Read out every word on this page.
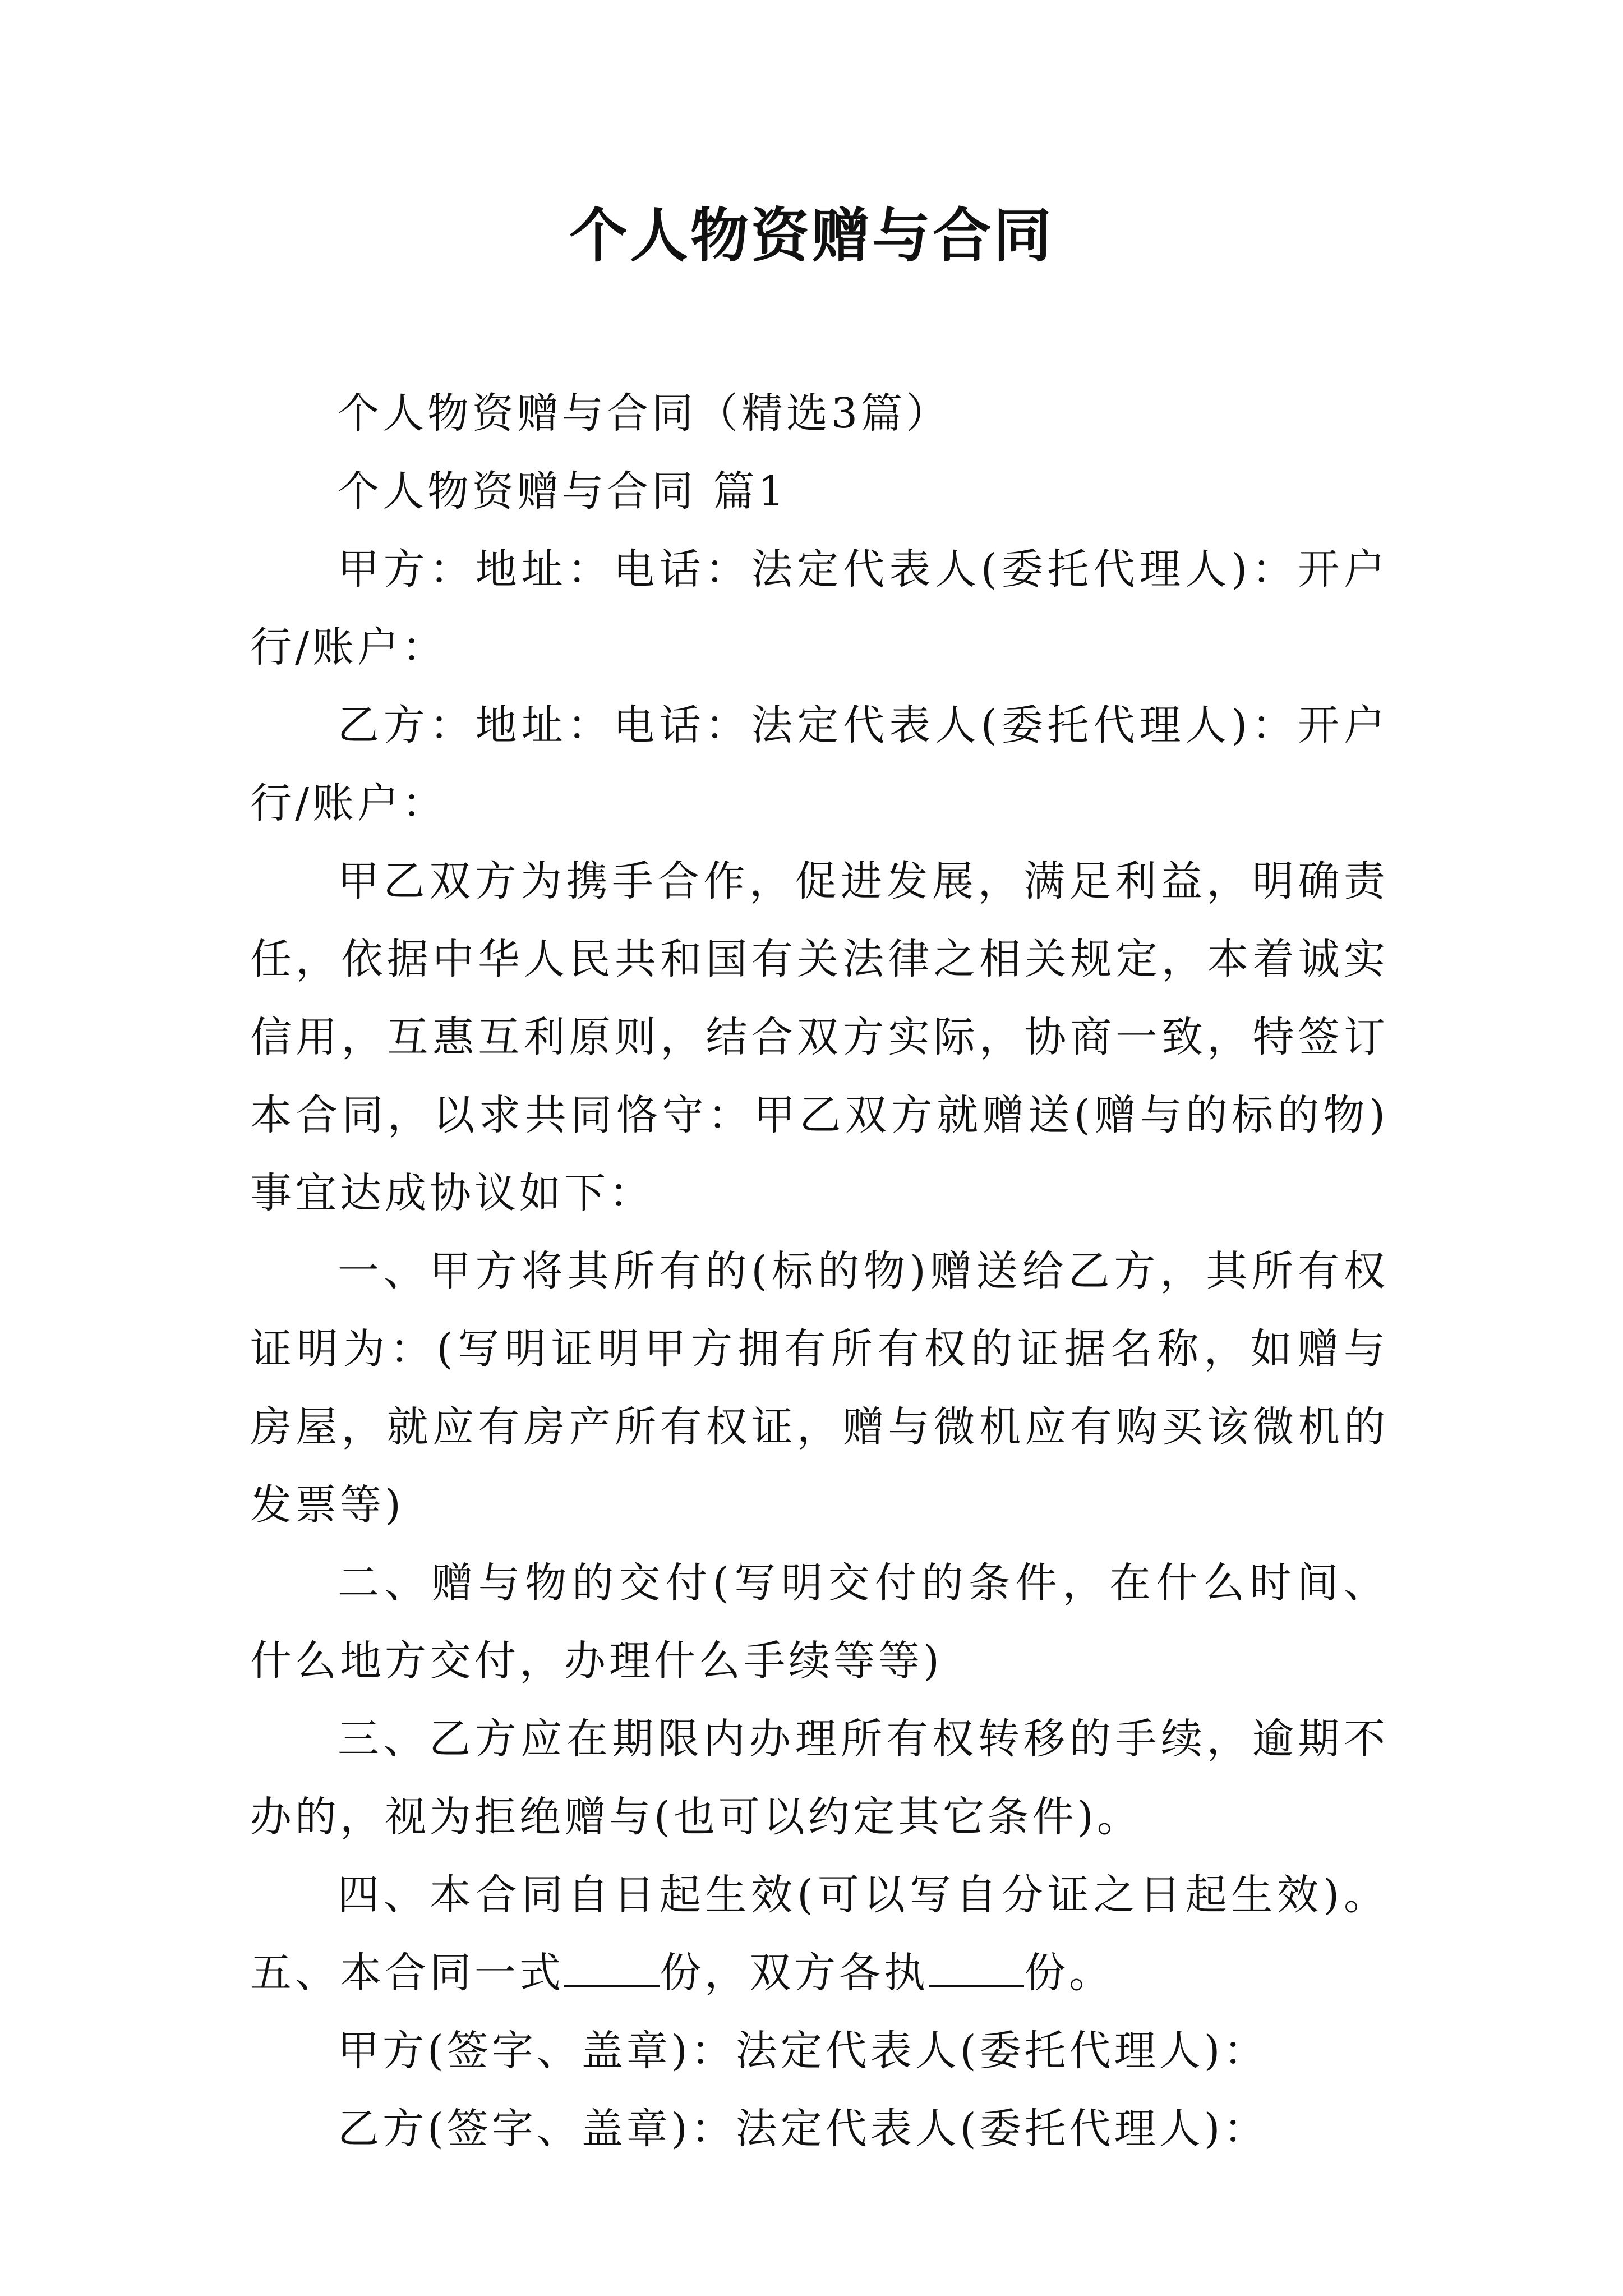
个人物资赠与合同

个人物资赠与合同（精选3篇）

个人物资赠与合同 篇1

甲方：地址：电话：法定代表人(委托代理人)：开户行/账户：

乙方：地址：电话：法定代表人(委托代理人)：开户行/账户：

甲乙双方为携手合作，促进发展，满足利益，明确责任，依据中华人民共和国有关法律之相关规定，本着诚实信用，互惠互利原则，结合双方实际，协商一致，特签订本合同，以求共同恪守：甲乙双方就赠送(赠与的标的物)事宜达成协议如下：

一、甲方将其所有的(标的物)赠送给乙方，其所有权证明为：(写明证明甲方拥有所有权的证据名称，如赠与房屋，就应有房产所有权证，赠与微机应有购买该微机的发票等)

二、赠与物的交付(写明交付的条件，在什么时间、什么地方交付，办理什么手续等等)

三、乙方应在期限内办理所有权转移的手续，逾期不办的，视为拒绝赠与(也可以约定其它条件)。

四、本合同自日起生效(可以写自分证之日起生效)。五、本合同一式 份，双方各执 份。

甲方(签字、盖章)：法定代表人(委托代理人)：

乙方(签字、盖章)：法定代表人(委托代理人)：
